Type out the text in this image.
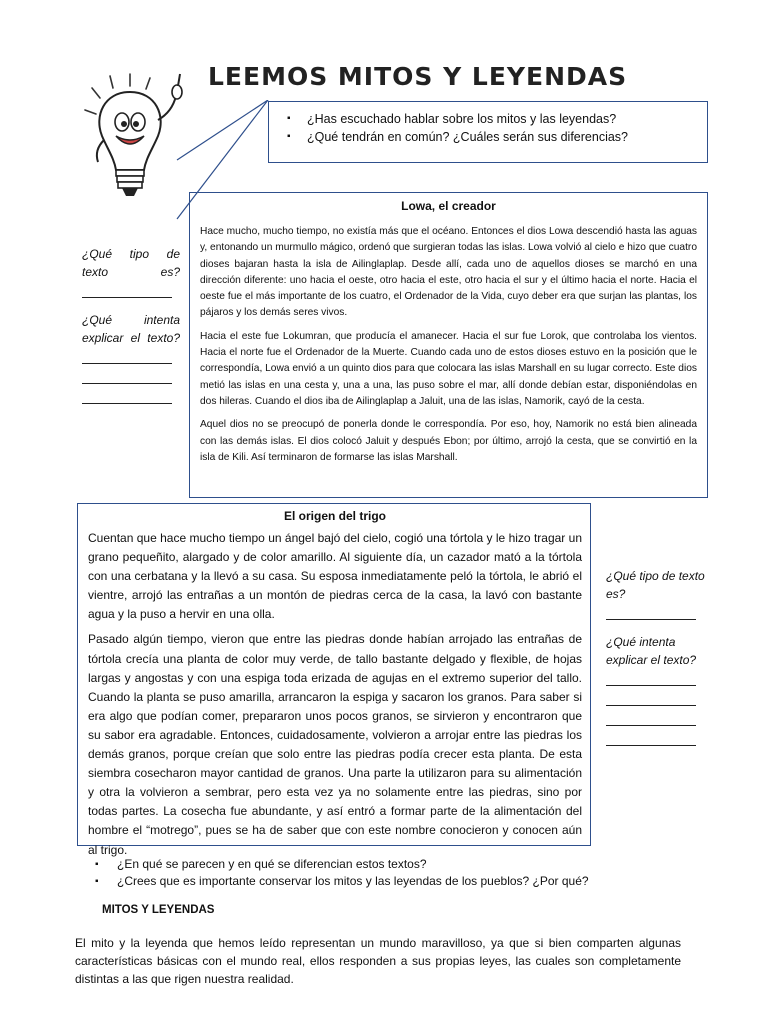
LEEMOS MITOS Y LEYENDAS
▪ ¿Has escuchado hablar sobre los mitos y las leyendas?
▪ ¿Qué tendrán en común? ¿Cuáles serán sus diferencias?
Lowa, el creador

Hace mucho, mucho tiempo, no existía más que el océano. Entonces el dios Lowa descendió hasta las aguas y, entonando un murmullo mágico, ordenó que surgieran todas las islas. Lowa volvió al cielo e hizo que cuatro dioses bajaran hasta la isla de Ailinglaplap. Desde allí, cada uno de aquellos dioses se marchó en una dirección diferente: uno hacia el oeste, otro hacia el este, otro hacia el sur y el último hacia el norte. Hacia el oeste fue el más importante de los cuatro, el Ordenador de la Vida, cuyo deber era que surjan las plantas, los pájaros y los demás seres vivos.

Hacia el este fue Lokumran, que producía el amanecer. Hacia el sur fue Lorok, que controlaba los vientos. Hacia el norte fue el Ordenador de la Muerte. Cuando cada uno de estos dioses estuvo en la posición que le correspondía, Lowa envió a un quinto dios para que colocara las islas Marshall en su lugar correcto. Este dios metió las islas en una cesta y, una a una, las puso sobre el mar, allí donde debían estar, disponiéndolas en dos hileras. Cuando el dios iba de Ailinglaplap a Jaluit, una de las islas, Namorik, cayó de la cesta.

Aquel dios no se preocupó de ponerla donde le correspondía. Por eso, hoy, Namorik no está bien alineada con las demás islas. El dios colocó Jaluit y después Ebon; por último, arrojó la cesta, que se convirtió en la isla de Kili. Así terminaron de formarse las islas Marshall.

¿Qué tipo de texto es?
¿Qué intenta explicar el texto?
El origen del trigo

Cuentan que hace mucho tiempo un ángel bajó del cielo, cogió una tórtola y le hizo tragar un grano pequeñito, alargado y de color amarillo. Al siguiente día, un cazador mató a la tórtola con una cerbatana y la llevó a su casa. Su esposa inmediatamente peló la tórtola, le abrió el vientre, arrojó las entrañas a un montón de piedras cerca de la casa, la lavó con bastante agua y la puso a hervir en una olla.

Pasado algún tiempo, vieron que entre las piedras donde habían arrojado las entrañas de tórtola crecía una planta de color muy verde, de tallo bastante delgado y flexible, de hojas largas y angostas y con una espiga toda erizada de agujas en el extremo superior del tallo. Cuando la planta se puso amarilla, arrancaron la espiga y sacaron los granos. Para saber si era algo que podían comer, prepararon unos pocos granos, se sirvieron y encontraron que su sabor era agradable. Entonces, cuidadosamente, volvieron a arrojar entre las piedras los demás granos, porque creían que solo entre las piedras podía crecer esta planta. De esta siembra cosecharon mayor cantidad de granos. Una parte la utilizaron para su alimentación y otra la volvieron a sembrar, pero esta vez ya no solamente entre las piedras, sino por todas partes. La cosecha fue abundante, y así entró a formar parte de la alimentación del hombre el “motrego”, pues se ha de saber que con este nombre conocieron y conocen aún al trigo.

¿Qué tipo de texto es?
¿Qué intenta explicar el texto?
▪ ¿En qué se parecen y en qué se diferencian estos textos?
▪ ¿Crees que es importante conservar los mitos y las leyendas de los pueblos? ¿Por qué?
MITOS Y LEYENDAS

El mito y la leyenda que hemos leído representan un mundo maravilloso, ya que si bien comparten algunas características básicas con el mundo real, ellos responden a sus propias leyes, las cuales son completamente distintas a las que rigen nuestra realidad.
